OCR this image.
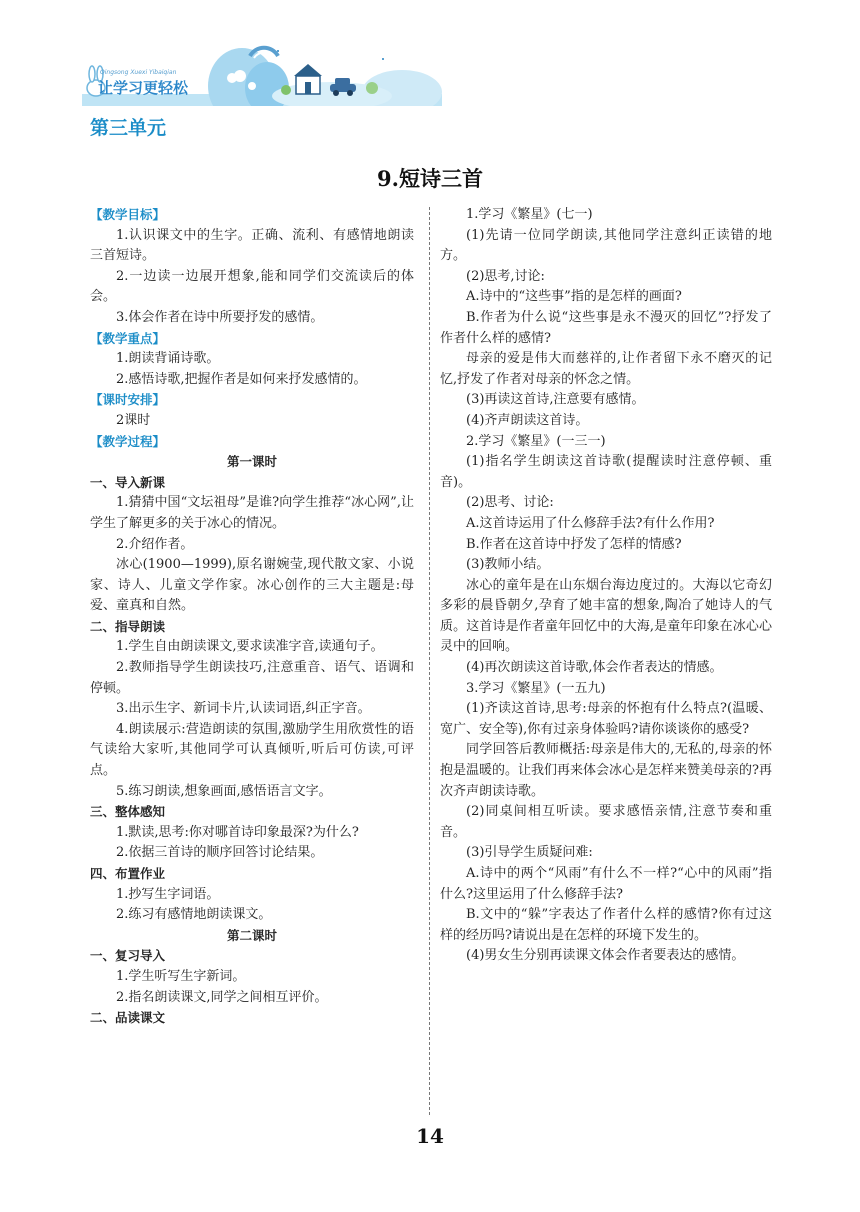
Qingsong Xuexi Yibaiqian
让学习更轻松
第三单元
9.短诗三首

【教学目标】

1.认识课文中的生字。正确、流利、有感情地朗读三首短诗。

2.一边读一边展开想象,能和同学们交流读后的体会。

3.体会作者在诗中所要抒发的感情。

【教学重点】

1.朗读背诵诗歌。

2.感悟诗歌,把握作者是如何来抒发感情的。

【课时安排】

2课时

【教学过程】

第一课时

一、导入新课

1.猜猜中国“文坛祖母”是谁?向学生推荐“冰心网”,让学生了解更多的关于冰心的情况。

2.介绍作者。

冰心(1900—1999),原名谢婉莹,现代散文家、小说家、诗人、儿童文学作家。冰心创作的三大主题是:母爱、童真和自然。

二、指导朗读

1.学生自由朗读课文,要求读准字音,读通句子。

2.教师指导学生朗读技巧,注意重音、语气、语调和停顿。

3.出示生字、新词卡片,认读词语,纠正字音。

4.朗读展示:营造朗读的氛围,激励学生用欣赏性的语气读给大家听,其他同学可认真倾听,听后可仿读,可评点。

5.练习朗读,想象画面,感悟语言文字。

三、整体感知

1.默读,思考:你对哪首诗印象最深?为什么?

2.依据三首诗的顺序回答讨论结果。

四、布置作业

1.抄写生字词语。

2.练习有感情地朗读课文。

第二课时

一、复习导入

1.学生听写生字新词。

2.指名朗读课文,同学之间相互评价。

二、品读课文

1.学习《繁星》(七一)

(1)先请一位同学朗读,其他同学注意纠正读错的地方。

(2)思考,讨论:

A.诗中的“这些事”指的是怎样的画面?

B.作者为什么说“这些事是永不漫灭的回忆”?抒发了作者什么样的感情?

母亲的爱是伟大而慈祥的,让作者留下永不磨灭的记忆,抒发了作者对母亲的怀念之情。

(3)再读这首诗,注意要有感情。

(4)齐声朗读这首诗。

2.学习《繁星》(一三一)

(1)指名学生朗读这首诗歌(提醒读时注意停顿、重音)。

(2)思考、讨论:

A.这首诗运用了什么修辞手法?有什么作用?

B.作者在这首诗中抒发了怎样的情感?

(3)教师小结。

冰心的童年是在山东烟台海边度过的。大海以它奇幻多彩的晨昏朝夕,孕育了她丰富的想象,陶冶了她诗人的气质。这首诗是作者童年回忆中的大海,是童年印象在冰心心灵中的回响。

(4)再次朗读这首诗歌,体会作者表达的情感。

3.学习《繁星》(一五九)

(1)齐读这首诗,思考:母亲的怀抱有什么特点?(温暖、宽广、安全等),你有过亲身体验吗?请你谈谈你的感受?

同学回答后教师概括:母亲是伟大的,无私的,母亲的怀抱是温暖的。让我们再来体会冰心是怎样来赞美母亲的?再次齐声朗读诗歌。

(2)同桌间相互听读。要求感悟亲情,注意节奏和重音。

(3)引导学生质疑问难:

A.诗中的两个“风雨”有什么不一样?“心中的风雨”指什么?这里运用了什么修辞手法?

B.文中的“躲”字表达了作者什么样的感情?你有过这样的经历吗?请说出是在怎样的环境下发生的。

(4)男女生分别再读课文体会作者要表达的感情。

14
